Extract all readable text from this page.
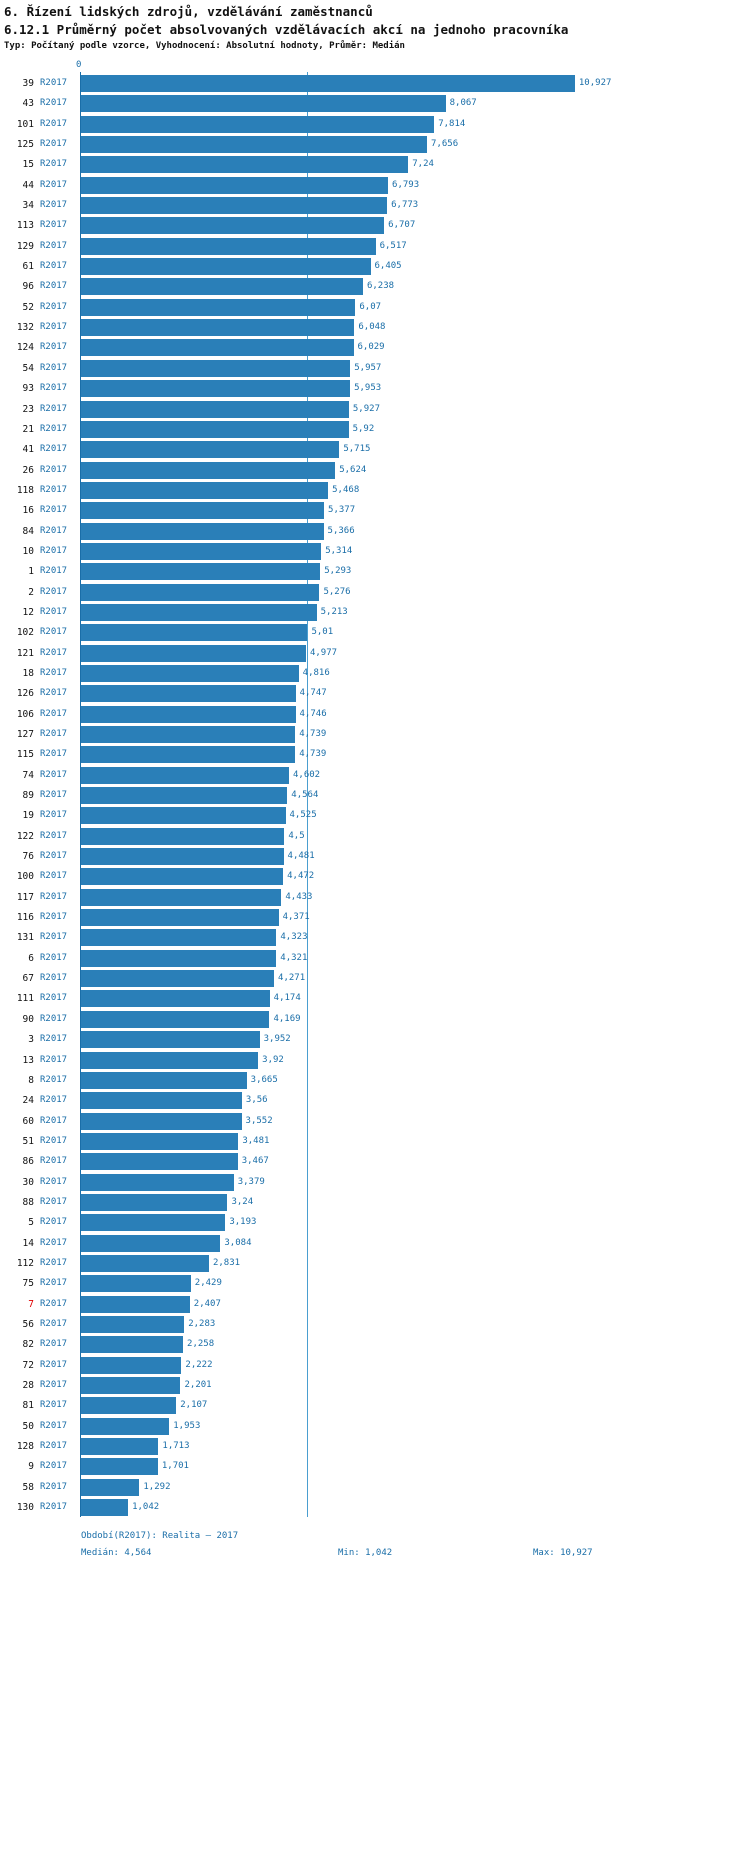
6. Řízení lidských zdrojů, vzdělávání zaměstnanců
6.12.1 Průměrný počet absolvovaných vzdělávacích akcí na jednoho pracovníka
Typ: Počítaný podle vzorce, Vyhodnocení: Absolutní hodnoty, Průměr: Medián
0
39 R2017	10,927
43 R2017	8,067
101 R2017	7,814
125 R2017	7,656
15 R2017	7,24
44 R2017	6,793
34 R2017	6,773
113 R2017	6,707
129 R2017	6,517
61 R2017	6,405
96 R2017	6,238
52 R2017	6,07
132 R2017	6,048
124 R2017	6,029
54 R2017	5,957
93 R2017	5,953
23 R2017	5,927
21 R2017	5,92
41 R2017	5,715
26 R2017	5,624
118 R2017	5,468
16 R2017	5,377
84 R2017	5,366
10 R2017	5,314
1 R2017	5,293
2 R2017	5,276
12 R2017	5,213
102 R2017	5,01
121 R2017	4,977
18 R2017	4,816
126 R2017	4,747
106 R2017	4,746
127 R2017	4,739
115 R2017	4,739
74 R2017	4,602
89 R2017	4,564
19 R2017	4,525
122 R2017	4,5
76 R2017	4,481
100 R2017	4,472
117 R2017	4,433
116 R2017	4,371
131 R2017	4,323
6 R2017	4,321
67 R2017	4,271
111 R2017	4,174
90 R2017	4,169
3 R2017	3,952
13 R2017	3,92
8 R2017	3,665
24 R2017	3,56
60 R2017	3,552
51 R2017	3,481
86 R2017	3,467
30 R2017	3,379
88 R2017	3,24
5 R2017	3,193
14 R2017	3,084
112 R2017	2,831
75 R2017	2,429
7 R2017	2,407
56 R2017	2,283
82 R2017	2,258
72 R2017	2,222
28 R2017	2,201
81 R2017	2,107
50 R2017	1,953
128 R2017	1,713
9 R2017	1,701
58 R2017	1,292
130 R2017	1,042
Období(R2017): Realita – 2017
Medián: 4,564	Min: 1,042	Max: 10,927
